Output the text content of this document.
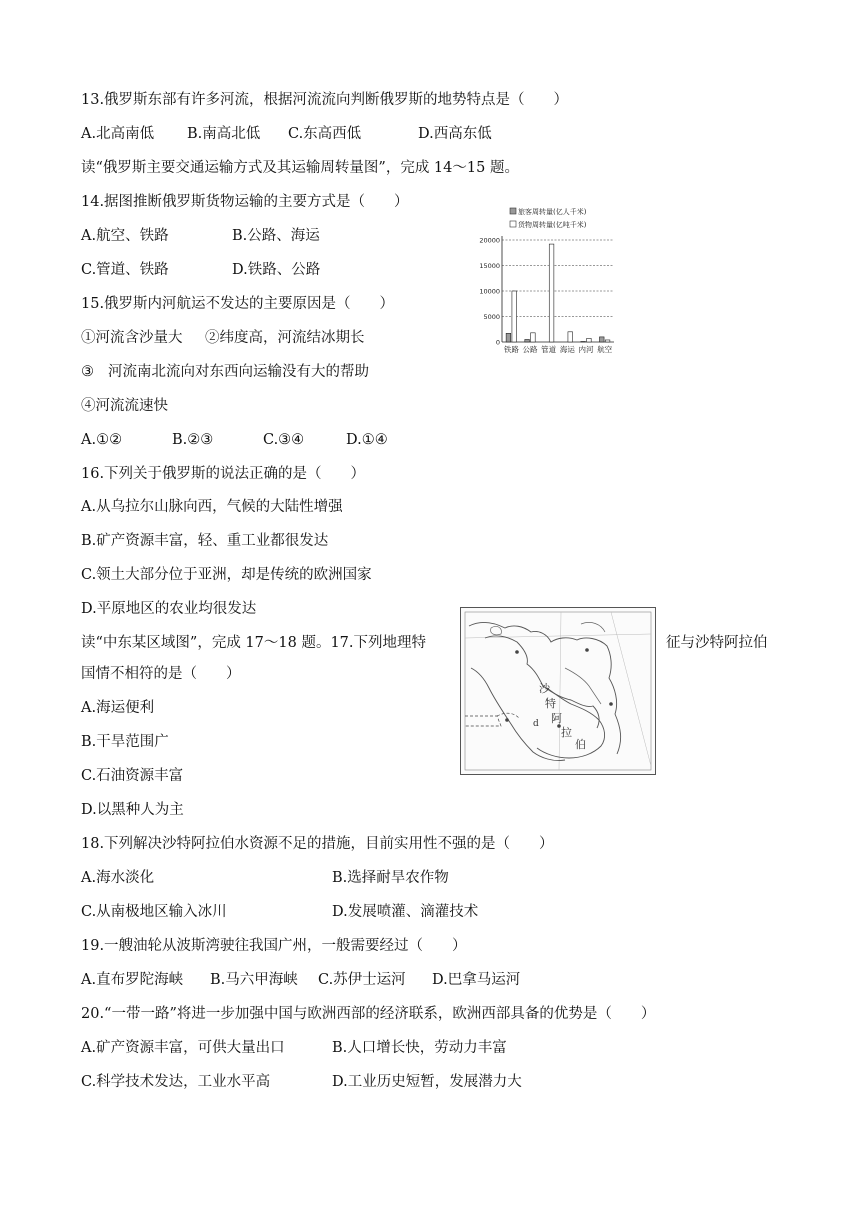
13.俄罗斯东部有许多河流，根据河流流向判断俄罗斯的地势特点是（　　）
A.北高南低 B.南高北低 C.东高西低	D.西高东低
读“俄罗斯主要交通运输方式及其运输周转量图”，完成 14～15 题。
14.据图推断俄罗斯货物运输的主要方式是（　　）
A.航空、铁路	B.公路、海运
C.管道、铁路	D.铁路、公路
旅客周转量(亿人千米)
货物周转量(亿吨千米)
0
5000
10000
15000
20000
铁路 公路 管道 海运 内河 航空
15.俄罗斯内河航运不发达的主要原因是（　　）
①河流含沙量大 ②纬度高，河流结冰期长
③ 河流南北流向对东西向运输没有大的帮助
④河流流速快
A.①②	B.②③	C.③④	D.①④
16.下列关于俄罗斯的说法正确的是（　　）
A.从乌拉尔山脉向西，气候的大陆性增强
B.矿产资源丰富，轻、重工业都很发达
C.领土大部分位于亚洲，却是传统的欧洲国家
D.平原地区的农业均很发达
读“中东某区域图”，完成 17～18 题。17.下列地理特	征与沙特阿拉伯
沙
特
阿
拉
伯
d
国情不相符的是（　　）
A.海运便利
B.干旱范围广
C.石油资源丰富
D.以黑种人为主
18.下列解决沙特阿拉伯水资源不足的措施，目前实用性不强的是（　　）
A.海水淡化	B.选择耐旱农作物
C.从南极地区输入冰川	D.发展喷灌、滴灌技术
19.一艘油轮从波斯湾驶往我国广州，一般需要经过（　　）
A.直布罗陀海峡 B.马六甲海峡 C.苏伊士运河 D.巴拿马运河
20.“一带一路”将进一步加强中国与欧洲西部的经济联系，欧洲西部具备的优势是（　　）
A.矿产资源丰富，可供大量出口	B.人口增长快，劳动力丰富
C.科学技术发达，工业水平高	D.工业历史短暂，发展潜力大
